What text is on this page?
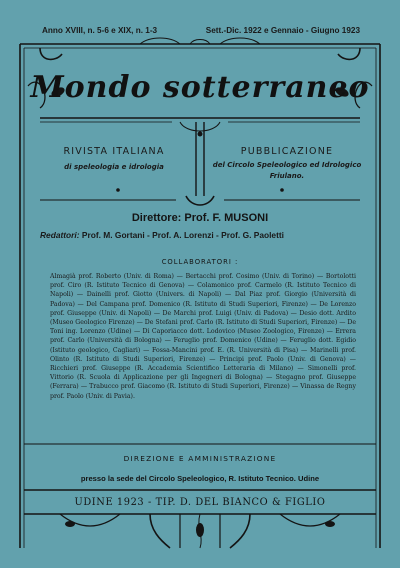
Anno XVIII, n. 5-6 e XIX, n. 1-3	Sett.-Dic. 1922 e Gennaio - Giugno 1923
Mondo sotterraneo
RIVISTA ITALIANA
di speleologia e idrologia
PUBBLICAZIONE
del Circolo Speleologico ed Idrologico
Friulano.
Direttore: Prof. F. MUSONI
Redattori: Prof. M. Gortani - Prof. A. Lorenzi - Prof. G. Paoletti
COLLABORATORI :
Almagià prof. Roberto (Univ. di Roma) — Bertacchi prof. Cosimo (Univ. di Torino) — Bortolotti prof. Ciro (R. Istituto Tecnico di Genova) — Colamonico prof. Carmelo (R. Istituto Tecnico di Napoli) — Dainelli prof. Giotto (Univers. di Napoli) — Dal Piaz prof. Giorgio (Università di Padova) — Del Campana prof. Domenico (R. Istituto di Studi Superiori, Firenze) — De Lorenzo prof. Giuseppe (Univ. di Napoli) — De Marchi prof. Luigi (Univ. di Padova) — Desio dott. Ardito (Museo Geologico Firenze) — De Stefani prof. Carlo (R. Istituto di Studi Superiori, Firenze) — De Toni ing. Lorenzo (Udine) — Di Caporiacco dott. Lodovico (Museo Zoologico, Firenze) — Errera prof. Carlo (Università di Bologna) — Feruglio prof. Domenico (Udine) — Feruglio dott. Egidio (Istituto geologico, Cagliari) — Fossa-Mancini prof. E. (R. Università di Pisa) — Marinelli prof. Olinto (R. Istituto di Studi Superiori, Firenze) — Principi prof. Paolo (Univ. di Genova) — Ricchieri prof. Giuseppe (R. Accademia Scientifico Letteraria di Milano) — Simonelli prof. Vittorio (R. Scuola di Applicazione per gli Ingegneri di Bologna) — Stegagno prof. Giuseppe (Ferrara) — Trabucco prof. Giacomo (R. Istituto di Studi Superiori, Firenze) — Vinassa de Regny prof. Paolo (Univ. di Pavia).
DIREZIONE E AMMINISTRAZIONE
presso la sede del Circolo Speleologico, R. Istituto Tecnico. Udine
UDINE 1923 - TIP. D. DEL BIANCO & FIGLIO
